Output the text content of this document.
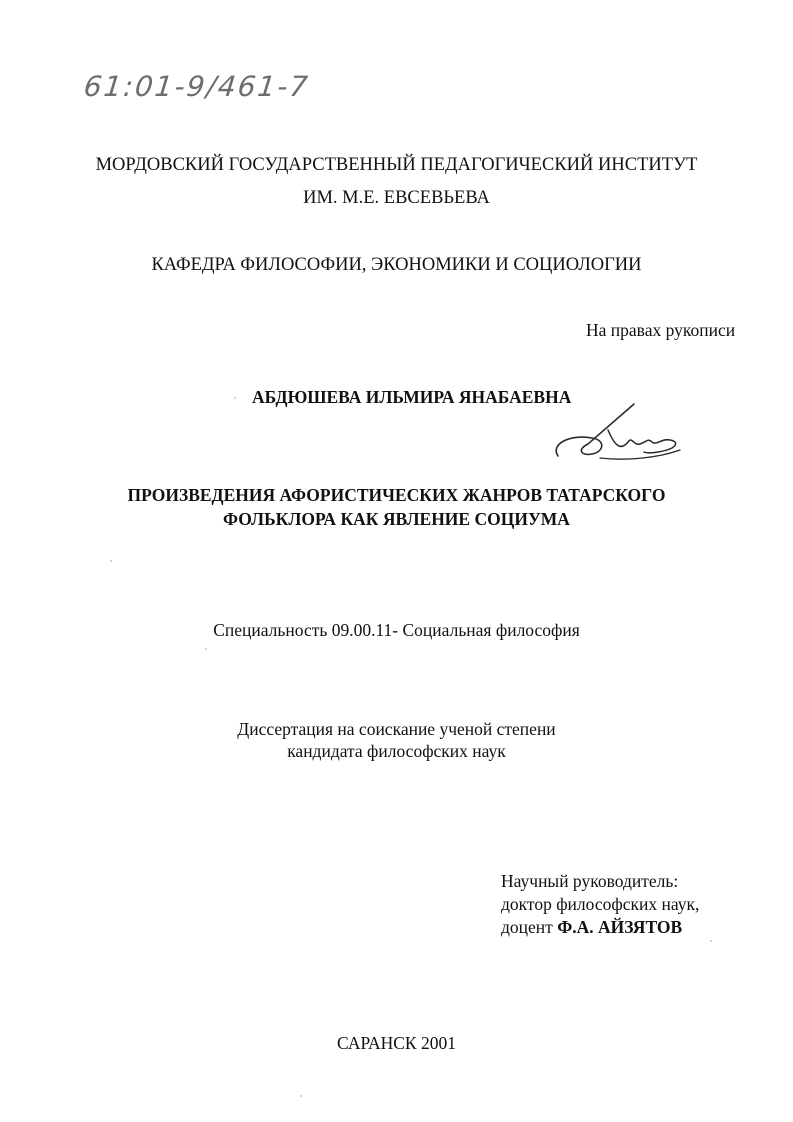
61:01-9/461-7
МОРДОВСКИЙ ГОСУДАРСТВЕННЫЙ ПЕДАГОГИЧЕСКИЙ ИНСТИТУТ
ИМ. М.Е. ЕВСЕВЬЕВА
КАФЕДРА ФИЛОСОФИИ, ЭКОНОМИКИ И СОЦИОЛОГИИ
На правах рукописи
АБДЮШЕВА ИЛЬМИРА ЯНАБАЕВНА
ПРОИЗВЕДЕНИЯ АФОРИСТИЧЕСКИХ ЖАНРОВ ТАТАРСКОГО
ФОЛЬКЛОРА КАК ЯВЛЕНИЕ СОЦИУМА
Специальность 09.00.11- Социальная философия
Диссертация на соискание ученой степени
кандидата философских наук
Научный руководитель:
доктор философских наук,
доцент Ф.А. АЙЗЯТОВ
САРАНСК 2001
